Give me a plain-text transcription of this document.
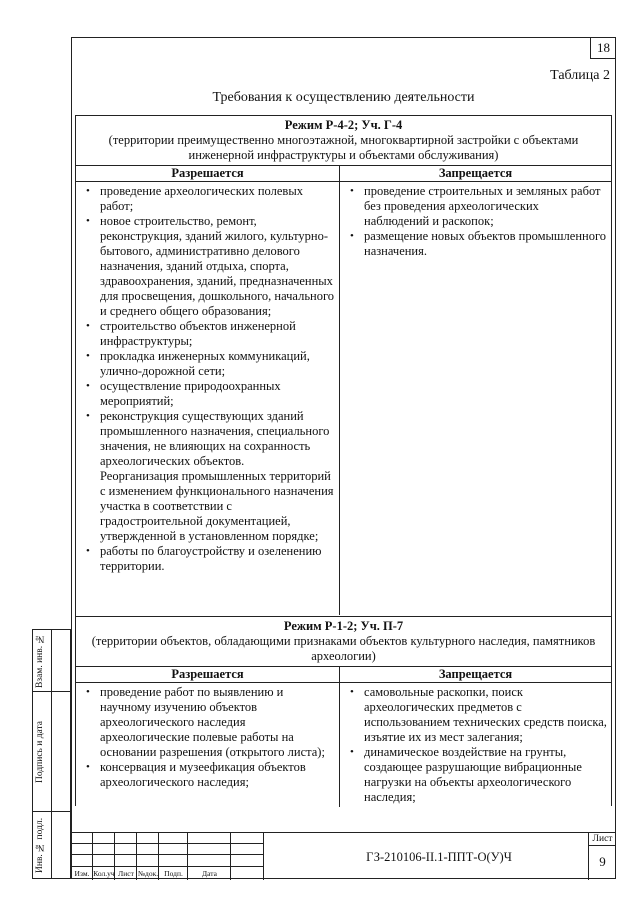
18
Таблица 2
Требования к осуществлению деятельности
Режим Р-4-2; Уч. Г-4
(территории преимущественно многоэтажной, многоквартирной застройки с объектами инженерной инфраструктуры и объектами обслуживания)
Разрешается
• проведение археологических полевых работ;
• новое строительство, ремонт, реконструкция, зданий жилого, культурно-бытового, административно делового назначения, зданий отдыха, спорта, здравоохранения, зданий, предназначенных для просвещения, дошкольного, начального и среднего общего образования;
• строительство объектов инженерной инфраструктуры;
• прокладка инженерных коммуникаций, улично-дорожной сети;
• осуществление природоохранных мероприятий;
• реконструкция существующих зданий промышленного назначения, специального значения, не влияющих на сохранность археологических объектов.
Реорганизация промышленных территорий с изменением функционального назначения участка в соответствии с градостроительной документацией, утвержденной в установленном порядке;
• работы по благоустройству и озеленению территории.
Запрещается
• проведение строительных и земляных работ без проведения археологических наблюдений и раскопок;
• размещение новых объектов промышленного назначения.
Режим Р-1-2; Уч. П-7
(территории объектов, обладающими признаками объектов культурного наследия, памятников археологии)
Разрешается
• проведение работ по выявлению и научному изучению объектов археологического наследия археологические полевые работы на основании разрешения (открытого листа);
• консервация и музеефикация объектов археологического наследия;
Запрещается
• самовольные раскопки, поиск археологических предметов с использованием технических средств поиска, изъятие их из мест залегания;
• динамическое воздействие на грунты, создающее разрушающие вибрационные нагрузки на объекты археологического наследия;
Взам. инв. №
Подпись и дата
Инв. № подл.
Изм. Кол.уч Лист №док. Подп.	Дата
ГЗ-210106-II.1-ППТ-О(У)Ч
Лист
9
